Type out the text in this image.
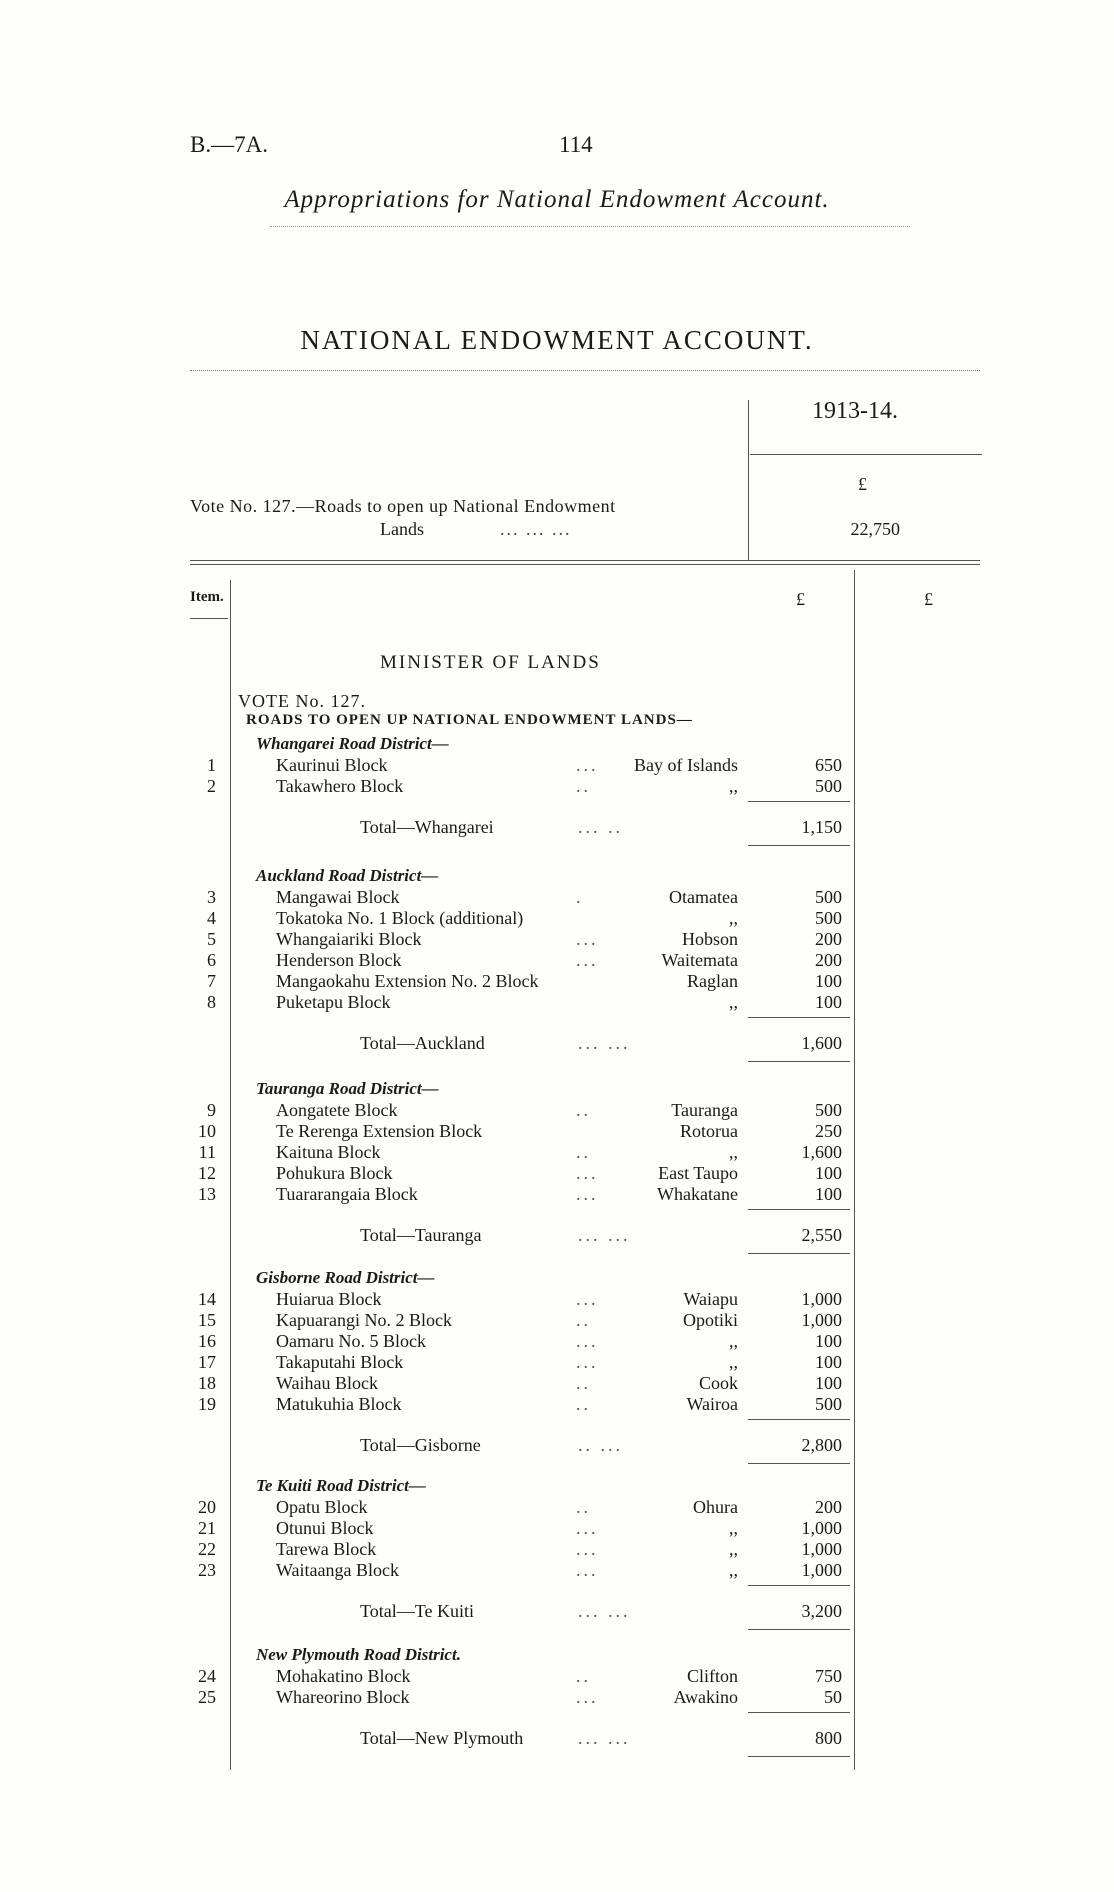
B.—7A.	114
Appropriations for National Endowment Account.
NATIONAL ENDOWMENT ACCOUNT.
1913-14.
£
Vote No. 127.—Roads to open up National Endowment
Lands	... ... ...	22,750
Item.	£	£
MINISTER OF LANDS
VOTE No. 127.
ROADS TO OPEN UP NATIONAL ENDOWMENT LANDS—
Whangarei Road District—
1	Kaurinui Block	...	Bay of Islands	650
2	Takawhero Block	..	,,	500
Total—Whangarei	... ..	1,150
Auckland Road District—
3	Mangawai Block	.	Otamatea	500
4	Tokatoka No. 1 Block (additional)	,,	500
5	Whangaiariki Block	...	Hobson	200
6	Henderson Block	...	Waitemata	200
7	Mangaokahu Extension No. 2 Block	Raglan	100
8	Puketapu Block	,,	100
Total—Auckland	... ...	1,600
Tauranga Road District—
9	Aongatete Block	..	Tauranga	500
10	Te Rerenga Extension Block	Rotorua	250
11	Kaituna Block	..	,,	1,600
12	Pohukura Block	...	East Taupo	100
13	Tuararangaia Block	...	Whakatane	100
Total—Tauranga	... ...	2,550
Gisborne Road District—
14	Huiarua Block	...	Waiapu	1,000
15	Kapuarangi No. 2 Block	..	Opotiki	1,000
16	Oamaru No. 5 Block	...	,,	100
17	Takaputahi Block	...	,,	100
18	Waihau Block	..	Cook	100
19	Matukuhia Block	..	Wairoa	500
Total—Gisborne	.. ...	2,800
Te Kuiti Road District—
20	Opatu Block	..	Ohura	200
21	Otunui Block	...	,,	1,000
22	Tarewa Block	...	,,	1,000
23	Waitaanga Block	...	,,	1,000
Total—Te Kuiti	... ...	3,200
New Plymouth Road District.
24	Mohakatino Block	..	Clifton	750
25	Whareorino Block	...	Awakino	50
Total—New Plymouth	... ...	800
